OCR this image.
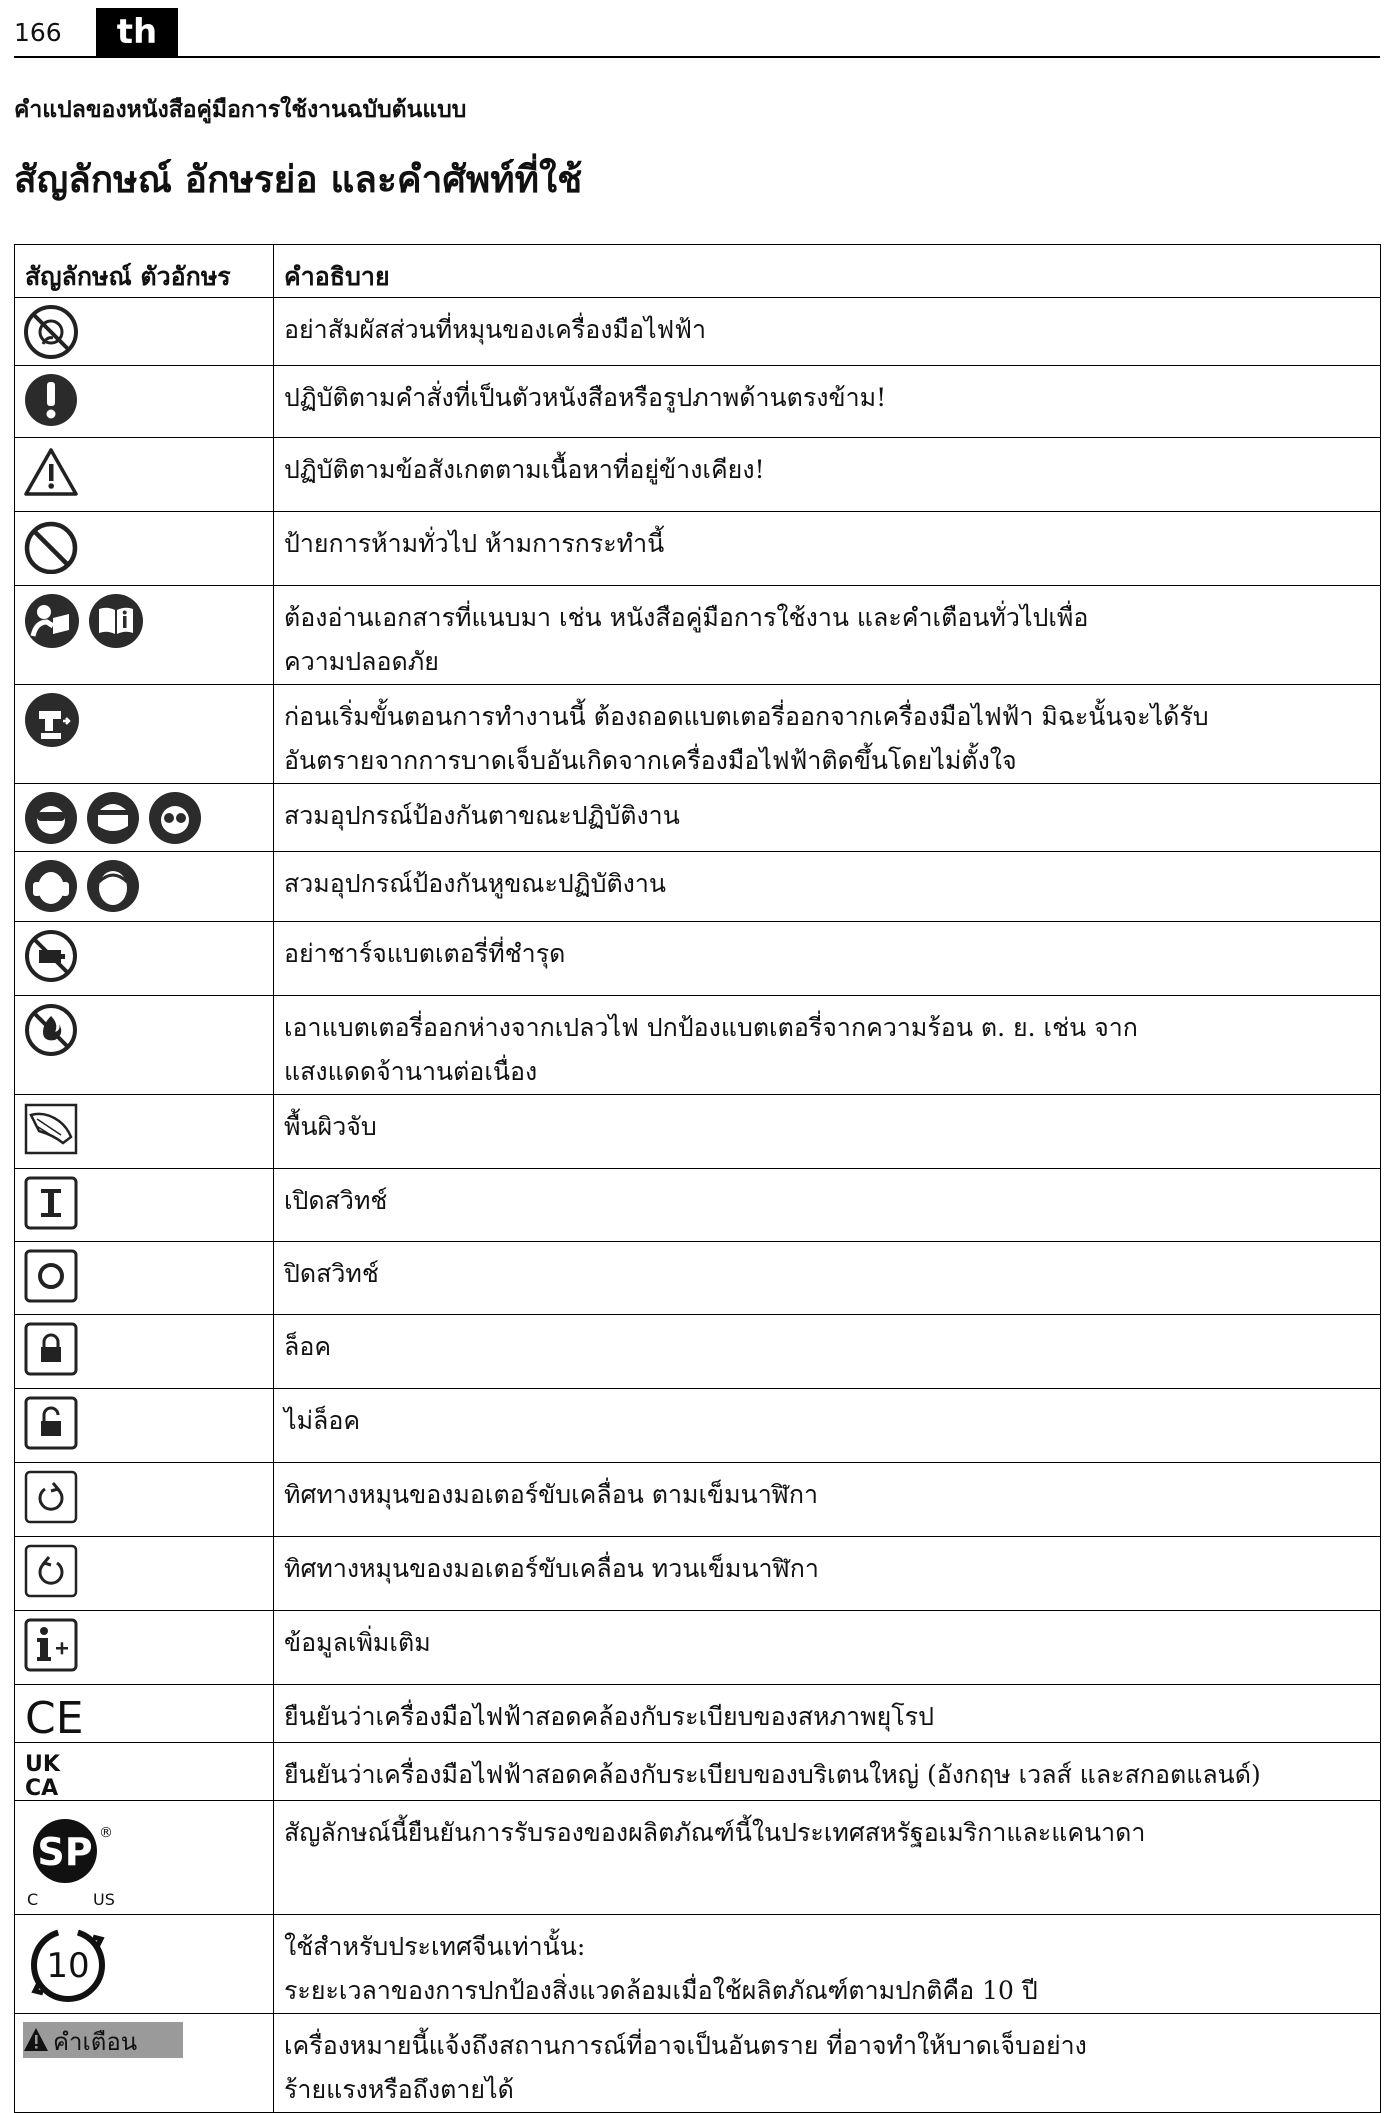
166	th
คำแปลของหนังสือคู่มือการใช้งานฉบับต้นแบบ
สัญลักษณ์ อักษรย่อ และคำศัพท์ที่ใช้
สัญลักษณ์ ตัวอักษร	คำอธิบาย

อย่าสัมผัสส่วนที่หมุนของเครื่องมือไฟฟ้า

ปฏิบัติตามคำสั่งที่เป็นตัวหนังสือหรือรูปภาพด้านตรงข้าม!

ปฏิบัติตามข้อสังเกตตามเนื้อหาที่อยู่ข้างเคียง!

ป้ายการห้ามทั่วไป ห้ามการกระทำนี้

ต้องอ่านเอกสารที่แนบมา เช่น หนังสือคู่มือการใช้งาน และคำเตือนทั่วไปเพื่อ
ความปลอดภัย

ก่อนเริ่มขั้นตอนการทำงานนี้ ต้องถอดแบตเตอรี่ออกจากเครื่องมือไฟฟ้า มิฉะนั้นจะได้รับ
อันตรายจากการบาดเจ็บอันเกิดจากเครื่องมือไฟฟ้าติดขึ้นโดยไม่ตั้งใจ

สวมอุปกรณ์ป้องกันตาขณะปฏิบัติงาน

สวมอุปกรณ์ป้องกันหูขณะปฏิบัติงาน

อย่าชาร์จแบตเตอรี่ที่ชำรุด

เอาแบตเตอรี่ออกห่างจากเปลวไฟ ปกป้องแบตเตอรี่จากความร้อน ต. ย. เช่น จาก
แสงแดดจ้านานต่อเนื่อง

พื้นผิวจับ

เปิดสวิทช์

ปิดสวิทช์

ล็อค

ไม่ล็อค

ทิศทางหมุนของมอเตอร์ขับเคลื่อน ตามเข็มนาฬิกา

ทิศทางหมุนของมอเตอร์ขับเคลื่อน ทวนเข็มนาฬิกา

ข้อมูลเพิ่มเติม

CE	ยืนยันว่าเครื่องมือไฟฟ้าสอดคล้องกับระเบียบของสหภาพยุโรป

UK
CA	ยืนยันว่าเครื่องมือไฟฟ้าสอดคล้องกับระเบียบของบริเตนใหญ่ (อังกฤษ เวลส์ และสกอตแลนด์)

SP ®
C US	สัญลักษณ์นี้ยืนยันการรับรองของผลิตภัณฑ์นี้ในประเทศสหรัฐอเมริกาและแคนาดา

10	ใช้สำหรับประเทศจีนเท่านั้น:
ระยะเวลาของการปกป้องสิ่งแวดล้อมเมื่อใช้ผลิตภัณฑ์ตามปกติคือ 10 ปี

คำเตือน	เครื่องหมายนี้แจ้งถึงสถานการณ์ที่อาจเป็นอันตราย ที่อาจทำให้บาดเจ็บอย่าง
ร้ายแรงหรือถึงตายได้
